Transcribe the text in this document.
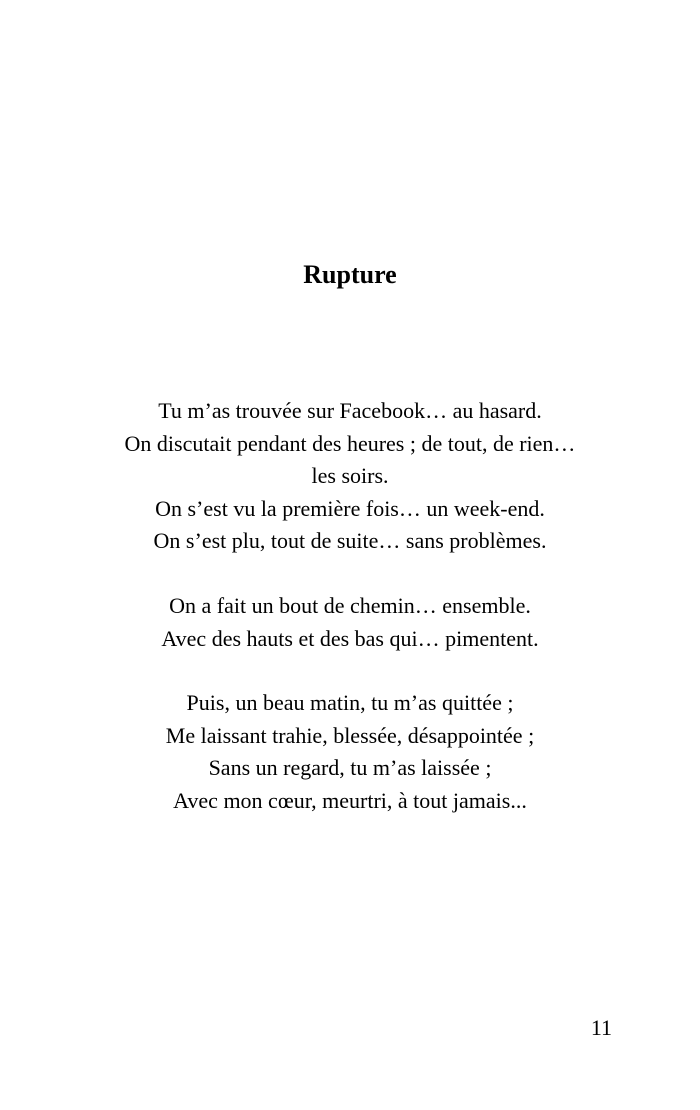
Rupture
Tu m’as trouvée sur Facebook… au hasard.
On discutait pendant des heures ; de tout, de rien…
les soirs.
On s’est vu la première fois… un week-end.
On s’est plu, tout de suite… sans problèmes.
On a fait un bout de chemin… ensemble.
Avec des hauts et des bas qui… pimentent.
Puis, un beau matin, tu m’as quittée ;
Me laissant trahie, blessée, désappointée ;
Sans un regard, tu m’as laissée ;
Avec mon cœur, meurtri, à tout jamais...
11
